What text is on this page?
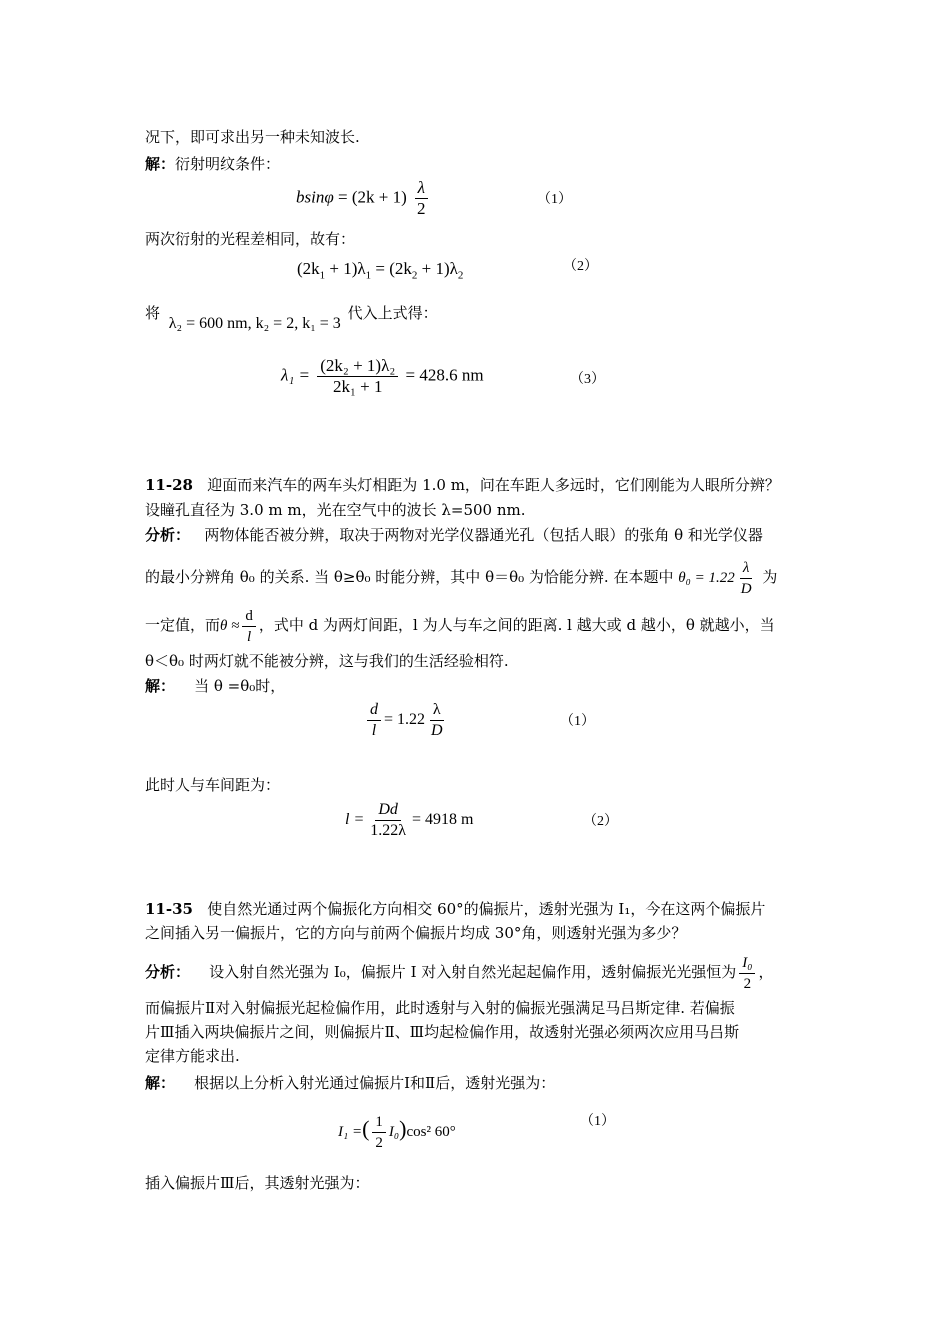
况下，即可求出另一种未知波长.
解：衍射明纹条件：
$bsin\varphi = (2k + 1) \frac{\lambda}{2}$	（1）
两次衍射的光程差相同，故有：
$(2k_1 + 1)\lambda_1 = (2k_2 + 1)\lambda_2$
（2）
将 λ₂ = 600 nm, k₂ = 2, k₁ = 3 代入上式得：
$\lambda_1 = \frac{\text{(2k₂ + 1)λ₂}}{\text{2k₁ + 1}} = 428.6$ nm	（3）
11-28 迎面而来汽车的两车头灯相距为 1.0 m，问在车距人多远时，它们刚能为人眼所分辨？
设瞳孔直径为 3.0 m m，光在空气中的波长 λ=500 nm.
分析： 两物体能否被分辨，取决于两物对光学仪器通光孔（包括人眼）的张角 θ 和光学仪器
的最小分辨角 θ₀ 的关系. 当 θ≥θ₀ 时能分辨，其中 θ＝θ₀ 为恰能分辨. 在本题中 $\theta_0 = 1.22 \frac{\lambda}{D}$ 为
一定值，而$\theta \approx \frac{d}{l}$ ，式中 d 为两灯间距，l 为人与车之间的距离. l 越大或 d 越小，θ 就越小，当
θ＜θ₀ 时两灯就不能被分辨，这与我们的生活经验相符.
解： 当 θ =θ₀时，
$\frac{d}{l} = 1.22 \frac{\lambda}{D}$	（1）
此时人与车间距为：
$l = \frac{Dd}{1.22\lambda} = 4918$ m	（2）
11-35 使自然光通过两个偏振化方向相交 60°的偏振片，透射光强为 I₁，今在这两个偏振片
之间插入另一偏振片，它的方向与前两个偏振片均成 30°角，则透射光强为多少？
分析： 设入射自然光强为 I₀，偏振片 I 对入射自然光起起偏作用，透射偏振光光强恒为 $\frac{\text{I₀}}{2}$ ，
而偏振片Ⅱ对入射偏振光起检偏作用，此时透射与入射的偏振光强满足马吕斯定律. 若偏振
片Ⅲ插入两块偏振片之间，则偏振片Ⅱ、Ⅲ均起检偏作用，故透射光强必须两次应用马吕斯
定律方能求出.
解： 根据以上分析入射光通过偏振片Ⅰ和Ⅱ后，透射光强为：
I₁ =( $\frac{1}{2} I_0)\cos^2$ 60°
（1）
插入偏振片Ⅲ后，其透射光强为：
